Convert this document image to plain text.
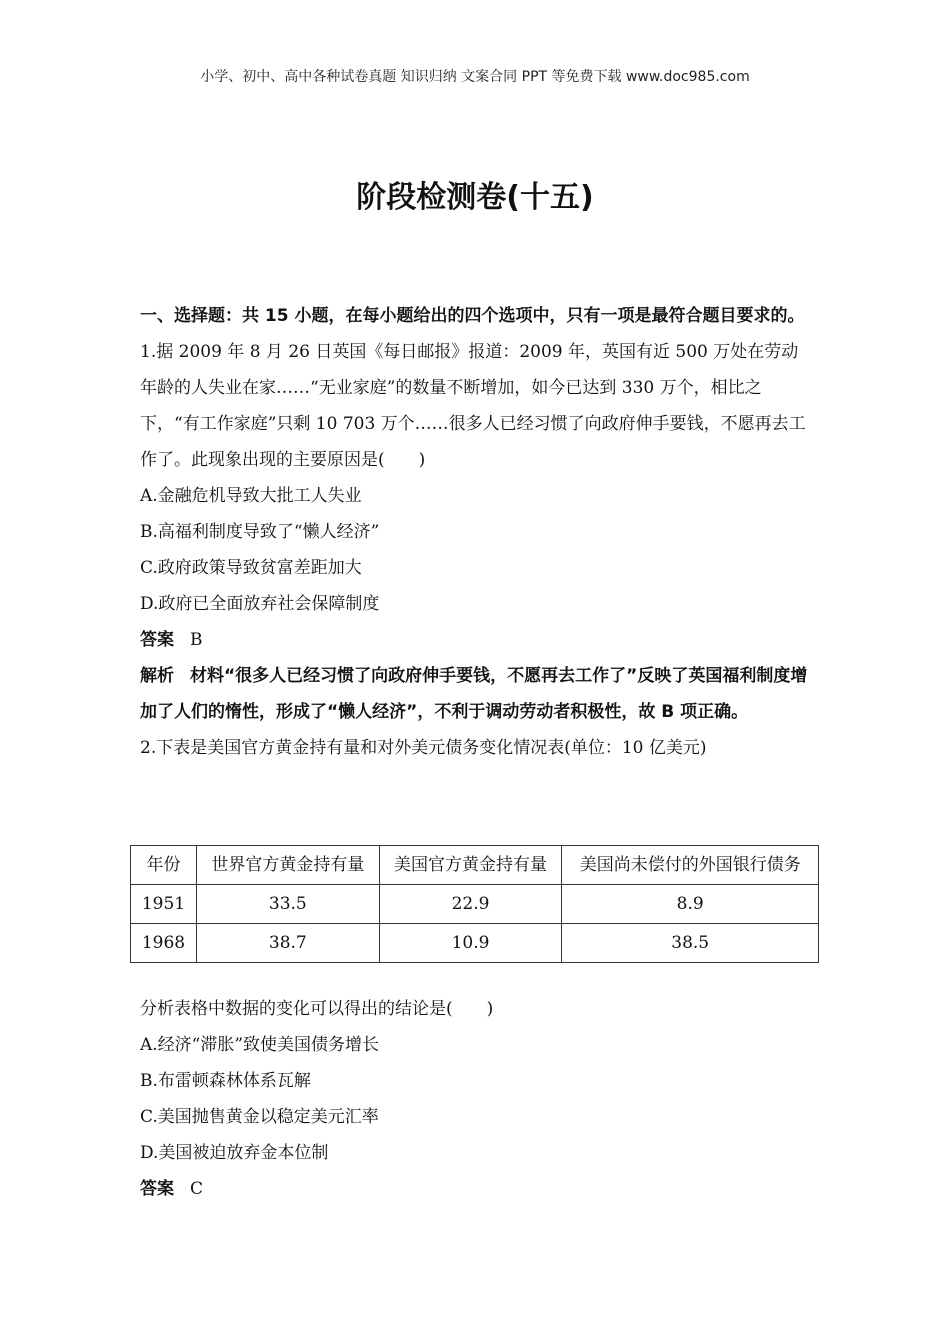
小学、初中、高中各种试卷真题 知识归纳 文案合同 PPT 等免费下载 www.doc985.com
阶段检测卷(十五)

一、选择题：共 15 小题，在每小题给出的四个选项中，只有一项是最符合题目要求的。

1.据 2009 年 8 月 26 日英国《每日邮报》报道：2009 年，英国有近 500 万处在劳动年龄的人失业在家……“无业家庭”的数量不断增加，如今已达到 330 万个，相比之下，“有工作家庭”只剩 10 703 万个……很多人已经习惯了向政府伸手要钱，不愿再去工作了。此现象出现的主要原因是(　　)

A.金融危机导致大批工人失业

B.高福利制度导致了“懒人经济”

C.政府政策导致贫富差距加大

D.政府已全面放弃社会保障制度

答案 B

解析 材料“很多人已经习惯了向政府伸手要钱，不愿再去工作了”反映了英国福利制度增加了人们的惰性，形成了“懒人经济”，不利于调动劳动者积极性，故 B 项正确。

2.下表是美国官方黄金持有量和对外美元债务变化情况表(单位：10 亿美元)

年份	世界官方黄金持有量	美国官方黄金持有量	美国尚未偿付的外国银行债务
1951	33.5	22.9	8.9
1968	38.7	10.9	38.5

分析表格中数据的变化可以得出的结论是(　　)

A.经济“滞胀”致使美国债务增长

B.布雷顿森林体系瓦解

C.美国抛售黄金以稳定美元汇率

D.美国被迫放弃金本位制

答案 C
